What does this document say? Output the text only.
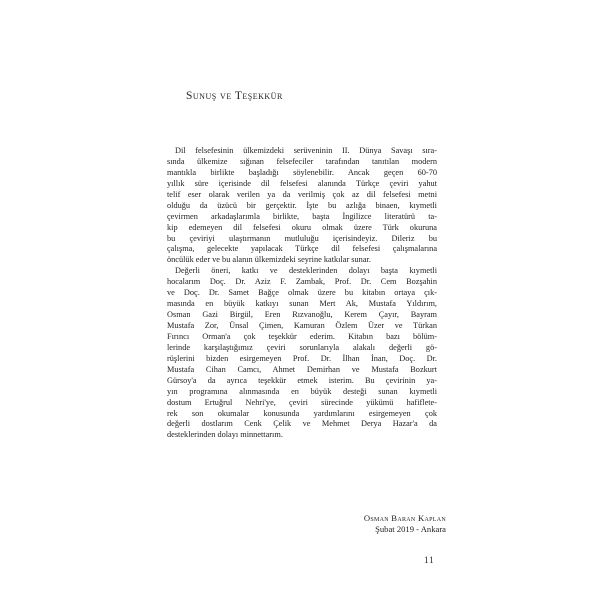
Sunuş ve Teşekkür
Dil felsefesinin ülkemizdeki serüveninin II. Dünya Savaşı sıra-
sında ülkemize sığınan felsefeciler tarafından tanıtılan modern
mantıkla birlikte başladığı söylenebilir. Ancak geçen 60-70
yıllık süre içerisinde dil felsefesi alanında Türkçe çeviri yahut
telif eser olarak verilen ya da verilmiş çok az dil felsefesi metni
olduğu da üzücü bir gerçektir. İşte bu azlığa binaen, kıymetli
çevirmen arkadaşlarımla birlikte, başta İngilizce literatürü ta-
kip edemeyen dil felsefesi okuru olmak üzere Türk okuruna
bu çeviriyi ulaştırmanın mutluluğu içerisindeyiz. Dileriz bu
çalışma, gelecekte yapılacak Türkçe dil felsefesi çalışmalarına
öncülük eder ve bu alanın ülkemizdeki seyrine katkılar sunar.
Değerli öneri, katkı ve desteklerinden dolayı başta kıymetli
hocalarım Doç. Dr. Aziz F. Zambak, Prof. Dr. Cem Bozşahin
ve Doç. Dr. Samet Bağçe olmak üzere bu kitabın ortaya çık-
masında en büyük katkıyı sunan Mert Ak, Mustafa Yıldırım,
Osman Gazi Birgül, Eren Rızvanoğlu, Kerem Çayır, Bayram
Mustafa Zor, Ünsal Çimen, Kamuran Özlem Üzer ve Türkan
Fırıncı Orman'a çok teşekkür ederim. Kitabın bazı bölüm-
lerinde karşılaştığımız çeviri sorunlarıyla alakalı değerli gö-
rüşlerini bizden esirgemeyen Prof. Dr. İlhan İnan, Doç. Dr.
Mustafa Cihan Camcı, Ahmet Demirhan ve Mustafa Bozkurt
Gürsoy'a da ayrıca teşekkür etmek isterim. Bu çevirinin ya-
yın programına alınmasında en büyük desteği sunan kıymetli
dostum Ertuğrul Nehri'ye, çeviri sürecinde yükümü hafiflete-
rek son okumalar konusunda yardımlarını esirgemeyen çok
değerli dostlarım Cenk Çelik ve Mehmet Derya Hazar'a da
desteklerinden dolayı minnettarım.
Osman Baran Kaplan
Şubat 2019 - Ankara
11
